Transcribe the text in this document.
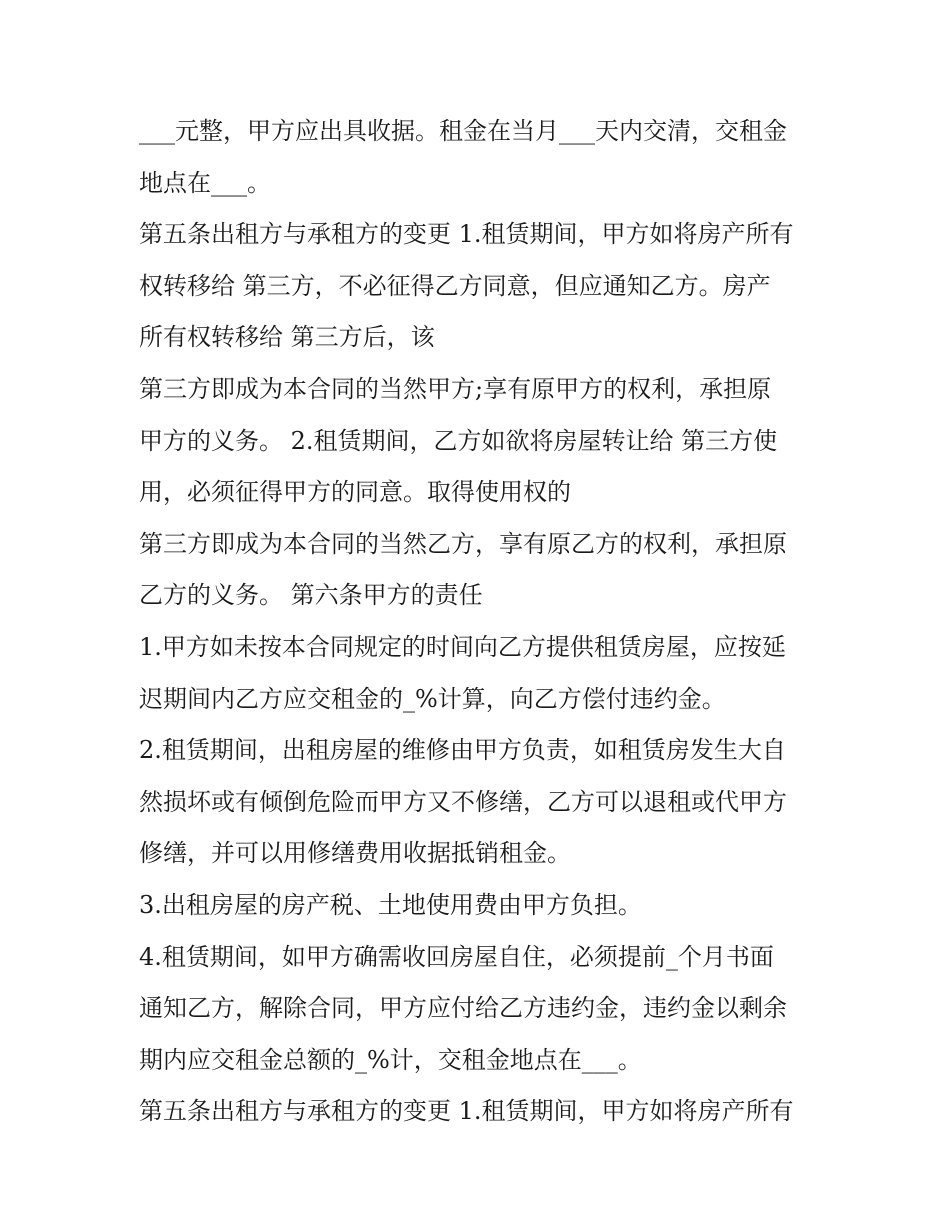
___元整，甲方应出具收据。租金在当月___天内交清，交租金
地点在___。
第五条出租方与承租方的变更 1.租赁期间，甲方如将房产所有
权转移给 第三方，不必征得乙方同意，但应通知乙方。房产
所有权转移给 第三方后，该
第三方即成为本合同的当然甲方;享有原甲方的权利，承担原
甲方的义务。 2.租赁期间，乙方如欲将房屋转让给 第三方使
用，必须征得甲方的同意。取得使用权的
第三方即成为本合同的当然乙方，享有原乙方的权利，承担原
乙方的义务。 第六条甲方的责任
1.甲方如未按本合同规定的时间向乙方提供租赁房屋，应按延
迟期间内乙方应交租金的_%计算，向乙方偿付违约金。
2.租赁期间，出租房屋的维修由甲方负责，如租赁房发生大自
然损坏或有倾倒危险而甲方又不修缮，乙方可以退租或代甲方
修缮，并可以用修缮费用收据抵销租金。
3.出租房屋的房产税、土地使用费由甲方负担。
4.租赁期间，如甲方确需收回房屋自住，必须提前_个月书面
通知乙方，解除合同，甲方应付给乙方违约金，违约金以剩余
期内应交租金总额的_%计，交租金地点在___。
第五条出租方与承租方的变更 1.租赁期间，甲方如将房产所有
